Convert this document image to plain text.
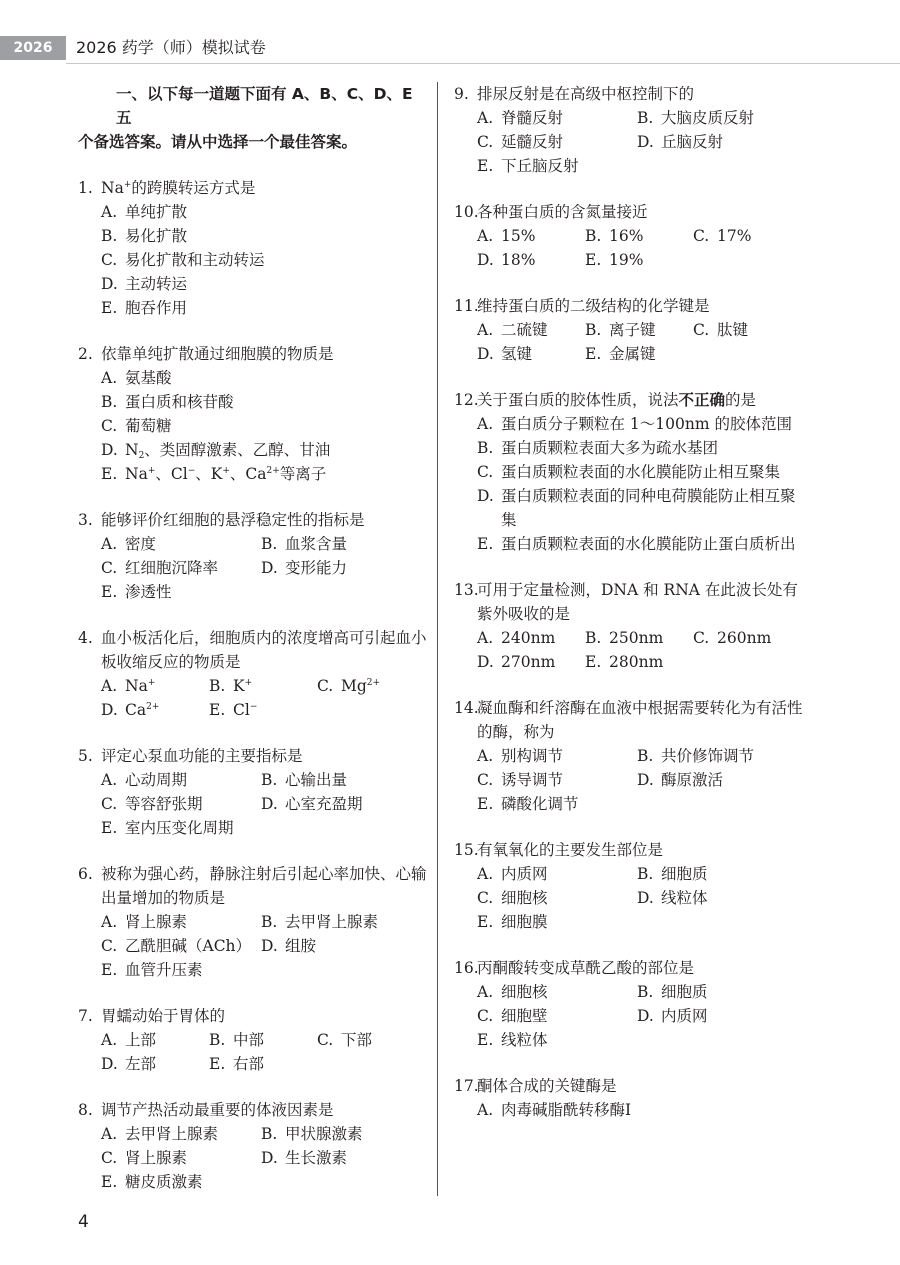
2026	2026 药学（师）模拟试卷
一、以下每一道题下面有 A、B、C、D、E 五
个备选答案。请从中选择一个最佳答案。
1. Na+的跨膜转运方式是
A. 单纯扩散
B. 易化扩散
C. 易化扩散和主动转运
D. 主动转运
E. 胞吞作用
2. 依靠单纯扩散通过细胞膜的物质是
A. 氨基酸
B. 蛋白质和核苷酸
C. 葡萄糖
D. $N_2$、类固醇激素、乙醇、甘油
E. Na+、Cl−、K+、$Ca^{2+}$等离子
3. 能够评价红细胞的悬浮稳定性的指标是
A. 密度	B. 血浆含量
C. 红细胞沉降率	D. 变形能力
E. 渗透性
4. 血小板活化后，细胞质内的浓度增高可引起血小板收缩反应的物质是
A. Na+	B. K+	C. $Mg^{2+}$
D. $Ca^{2+}$	E. Cl−
5. 评定心泵血功能的主要指标是
A. 心动周期	B. 心输出量
C. 等容舒张期	D. 心室充盈期
E. 室内压变化周期
6. 被称为强心药，静脉注射后引起心率加快、心输出量增加的物质是
A. 肾上腺素	B. 去甲肾上腺素
C. 乙酰胆碱（ACh） D. 组胺
E. 血管升压素
7. 胃蠕动始于胃体的
A. 上部	B. 中部	C. 下部
D. 左部	E. 右部
8. 调节产热活动最重要的体液因素是
A. 去甲肾上腺素	B. 甲状腺激素
C. 肾上腺素	D. 生长激素
E. 糖皮质激素
9. 排尿反射是在高级中枢控制下的
A. 脊髓反射	B. 大脑皮质反射
C. 延髓反射	D. 丘脑反射
E. 下丘脑反射
10.各种蛋白质的含氮量接近
A. 15%	B. 16%	C. 17%
D. 18%	E. 19%
11.维持蛋白质的二级结构的化学键是
A. 二硫键	B. 离子键	C. 肽键
D. 氢键	E. 金属键
12.关于蛋白质的胶体性质，说法不正确的是
A. 蛋白质分子颗粒在 1～100nm 的胶体范围
B. 蛋白质颗粒表面大多为疏水基团
C. 蛋白质颗粒表面的水化膜能防止相互聚集
D. 蛋白质颗粒表面的同种电荷膜能防止相互聚集
E. 蛋白质颗粒表面的水化膜能防止蛋白质析出
13.可用于定量检测，DNA 和 RNA 在此波长处有紫外吸收的是
A. 240nm	B. 250nm	C. 260nm
D. 270nm	E. 280nm
14.凝血酶和纤溶酶在血液中根据需要转化为有活性的酶，称为
A. 别构调节	B. 共价修饰调节
C. 诱导调节	D. 酶原激活
E. 磷酸化调节
15.有氧氧化的主要发生部位是
A. 内质网	B. 细胞质
C. 细胞核	D. 线粒体
E. 细胞膜
16.丙酮酸转变成草酰乙酸的部位是
A. 细胞核	B. 细胞质
C. 细胞壁	D. 内质网
E. 线粒体
17.酮体合成的关键酶是
A. 肉毒碱脂酰转移酶Ⅰ
4
